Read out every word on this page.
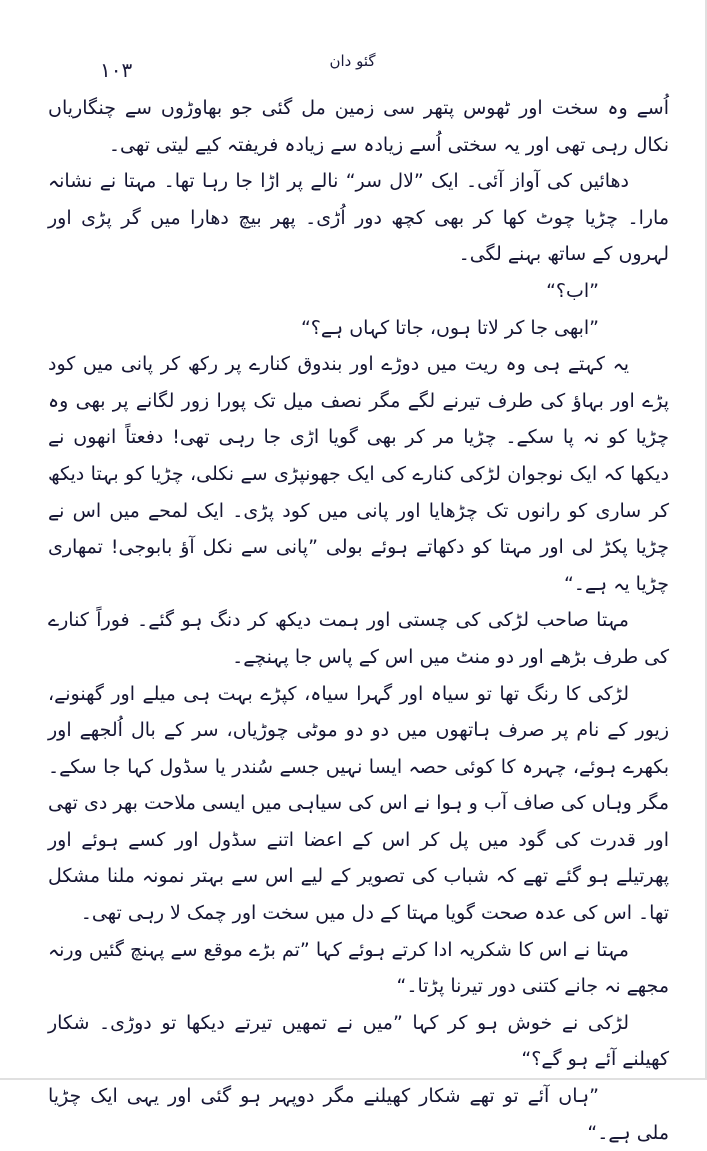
۱۰۳	گئو دان

اُسے وہ سخت اور ٹھوس پتھر سی زمین مل گئی جو بھاوڑوں سے چنگاریاں نکال رہی تھی اور یہ سختی اُسے زیادہ سے زیادہ فریفتہ کیے لیتی تھی۔

دھائیں کی آواز آئی۔ ایک ”لال سر“ نالے پر اڑا جا رہا تھا۔ مہتا نے نشانہ مارا۔ چڑیا چوٹ کھا کر بھی کچھ دور اُڑی۔ پھر بیچ دھارا میں گر پڑی اور لہروں کے ساتھ بہنے لگی۔

”اب؟“

”ابھی جا کر لاتا ہوں، جاتا کہاں ہے؟“

یہ کہتے ہی وہ ریت میں دوڑے اور بندوق کنارے پر رکھ کر پانی میں کود پڑے اور بہاؤ کی طرف تیرنے لگے مگر نصف میل تک پورا زور لگانے پر بھی وہ چڑیا کو نہ پا سکے۔ چڑیا مر کر بھی گویا اڑی جا رہی تھی! دفعتاً انھوں نے دیکھا کہ ایک نوجوان لڑکی کنارے کی ایک جھونپڑی سے نکلی، چڑیا کو بہتا دیکھ کر ساری کو رانوں تک چڑھایا اور پانی میں کود پڑی۔ ایک لمحے میں اس نے چڑیا پکڑ لی اور مہتا کو دکھاتے ہوئے بولی ”پانی سے نکل آؤ بابوجی! تمھاری چڑیا یہ ہے۔“

مہتا صاحب لڑکی کی چستی اور ہمت دیکھ کر دنگ ہو گئے۔ فوراً کنارے کی طرف بڑھے اور دو منٹ میں اس کے پاس جا پہنچے۔

لڑکی کا رنگ تھا تو سیاہ اور گہرا سیاہ، کپڑے بہت ہی میلے اور گھنونے، زیور کے نام پر صرف ہاتھوں میں دو دو موٹی چوڑیاں، سر کے بال اُلجھے اور بکھرے ہوئے، چہرہ کا کوئی حصہ ایسا نہیں جسے سُندر یا سڈول کہا جا سکے۔ مگر وہاں کی صاف آب و ہوا نے اس کی سیاہی میں ایسی ملاحت بھر دی تھی اور قدرت کی گود میں پل کر اس کے اعضا اتنے سڈول اور کسے ہوئے اور پھرتیلے ہو گئے تھے کہ شباب کی تصویر کے لیے اس سے بہتر نمونہ ملنا مشکل تھا۔ اس کی عدہ صحت گویا مہتا کے دل میں سخت اور چمک لا رہی تھی۔

مہتا نے اس کا شکریہ ادا کرتے ہوئے کہا ”تم بڑے موقع سے پہنچ گئیں ورنہ مجھے نہ جانے کتنی دور تیرنا پڑتا۔“

لڑکی نے خوش ہو کر کہا ”میں نے تمھیں تیرتے دیکھا تو دوڑی۔ شکار کھیلنے آئے ہو گے؟“

”ہاں آئے تو تھے شکار کھیلنے مگر دوپہر ہو گئی اور یہی ایک چڑیا ملی ہے۔“
